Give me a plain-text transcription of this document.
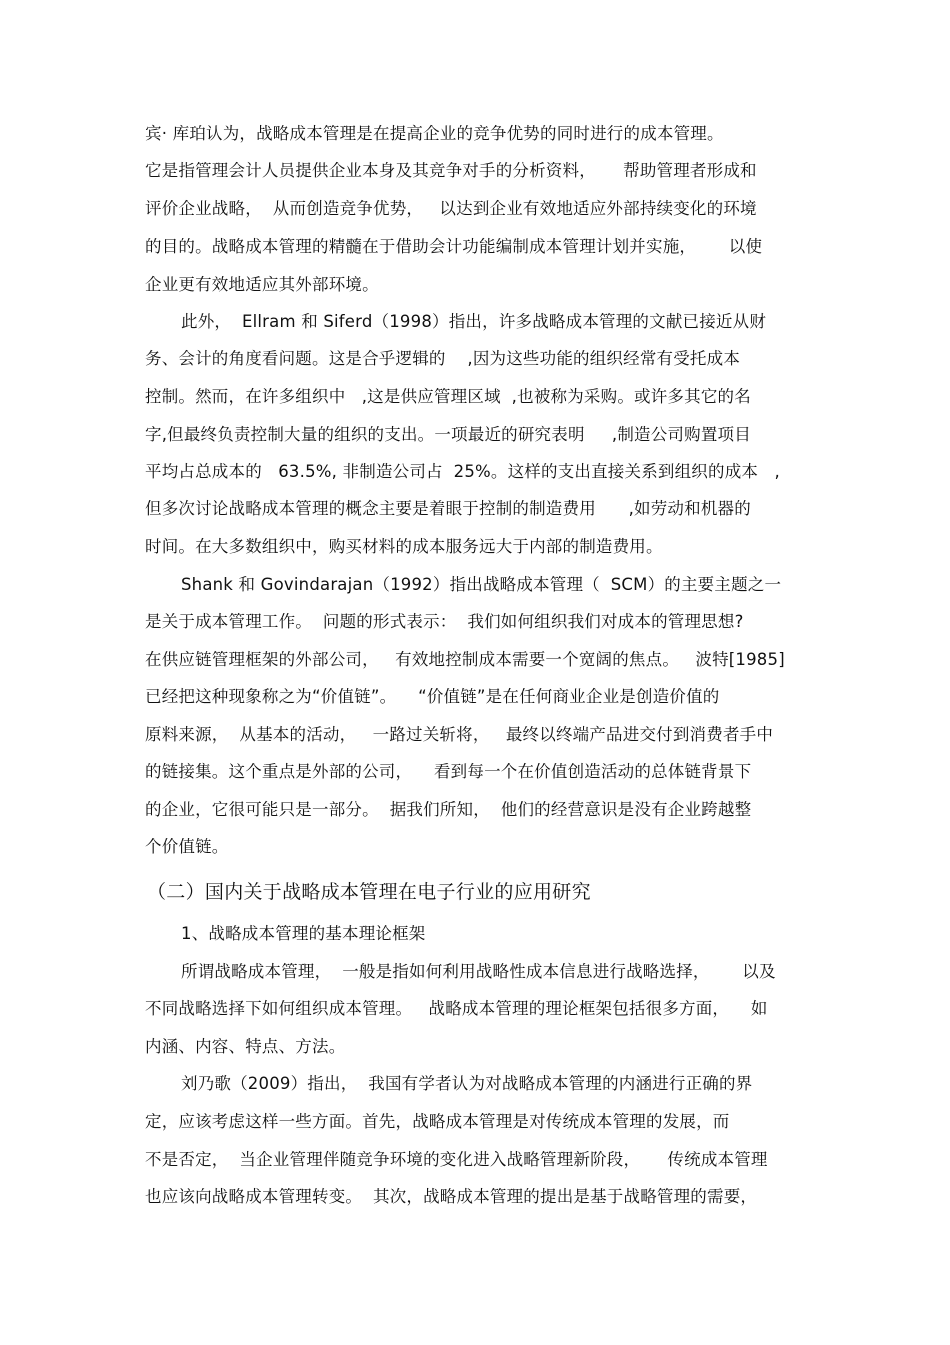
宾· 库珀认为，战略成本管理是在提高企业的竞争优势的同时进行的成本管理。
它是指管理会计人员提供企业本身及其竞争对手的分析资料，     帮助管理者形成和
评价企业战略，  从而创造竞争优势，   以达到企业有效地适应外部持续变化的环境
的目的。战略成本管理的精髓在于借助会计功能编制成本管理计划并实施，      以使
企业更有效地适应其外部环境。
此外，  Ellram 和 Siferd（1998）指出，许多战略成本管理的文献已接近从财
务、会计的角度看问题。这是合乎逻辑的    ,因为这些功能的组织经常有受托成本
控制。然而，在许多组织中   ,这是供应管理区域  ,也被称为采购。或许多其它的名
字,但最终负责控制大量的组织的支出。一项最近的研究表明     ,制造公司购置项目
平均占总成本的   63.5%, 非制造公司占  25%。这样的支出直接关系到组织的成本   ,
但多次讨论战略成本管理的概念主要是着眼于控制的制造费用      ,如劳动和机器的
时间。在大多数组织中，购买材料的成本服务远大于内部的制造费用。
Shank 和 Govindarajan（1992）指出战略成本管理（  SCM）的主要主题之一
是关于成本管理工作。  问题的形式表示：  我们如何组织我们对成本的管理思想?
在供应链管理框架的外部公司，   有效地控制成本需要一个宽阔的焦点。   波特[1985]
已经把这种现象称之为“价值链”。    “价值链”是在任何商业企业是创造价值的
原料来源，  从基本的活动，   一路过关斩将，   最终以终端产品进交付到消费者手中
的链接集。这个重点是外部的公司，    看到每一个在价值创造活动的总体链背景下
的企业，它很可能只是一部分。  据我们所知，  他们的经营意识是没有企业跨越整
个价值链。
（二）国内关于战略成本管理在电子行业的应用研究
1、战略成本管理的基本理论框架
所谓战略成本管理，  一般是指如何利用战略性成本信息进行战略选择，      以及
不同战略选择下如何组织成本管理。   战略成本管理的理论框架包括很多方面，    如
内涵、内容、特点、方法。
刘乃歌（2009）指出，  我国有学者认为对战略成本管理的内涵进行正确的界
定，应该考虑这样一些方面。首先，战略成本管理是对传统成本管理的发展，而
不是否定，  当企业管理伴随竞争环境的变化进入战略管理新阶段，     传统成本管理
也应该向战略成本管理转变。  其次，战略成本管理的提出是基于战略管理的需要，
